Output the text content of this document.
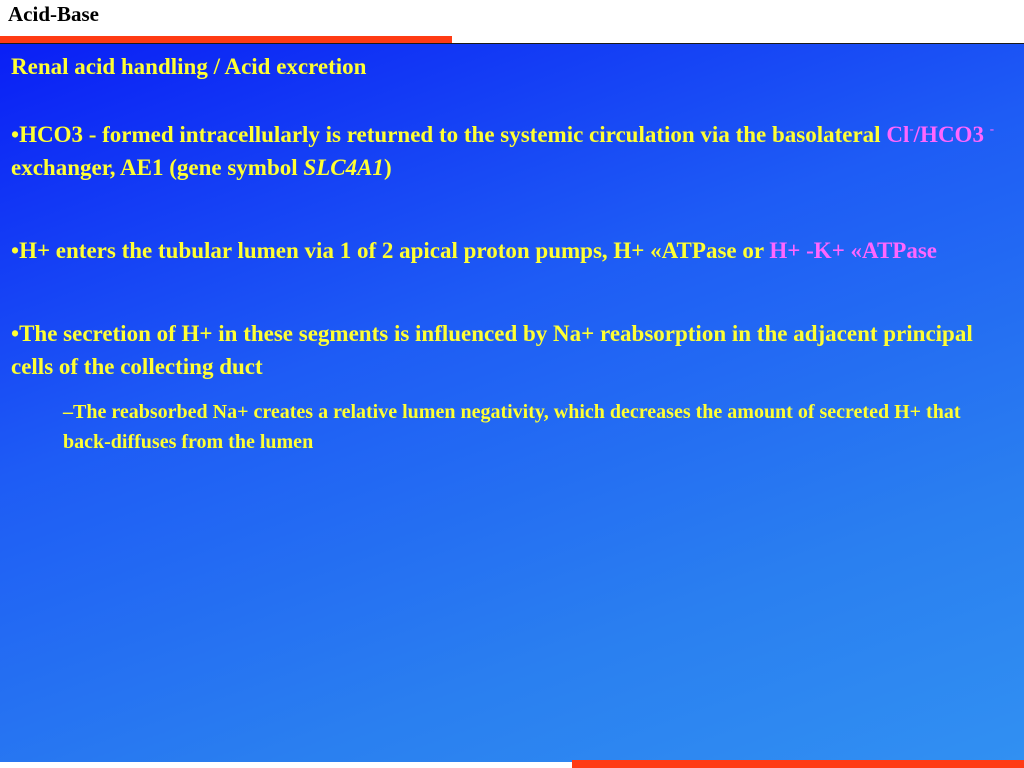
Acid-Base

Renal acid handling / Acid excretion

•HCO3 - formed intracellularly is returned to the systemic circulation via the basolateral Cl-/HCO3 - exchanger, AE1 (gene symbol SLC4A1)

•H+ enters the tubular lumen via 1 of 2 apical proton pumps, H+ «ATPase or H+ -K+ «ATPase

•The secretion of H+ in these segments is influenced by Na+ reabsorption in the adjacent principal cells of the collecting duct

–The reabsorbed Na+ creates a relative lumen negativity, which decreases the amount of secreted H+ that back-diffuses from the lumen
